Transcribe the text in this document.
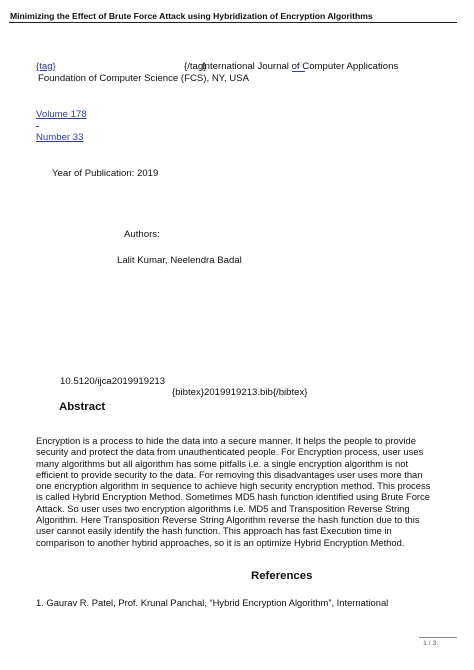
Minimizing the Effect of Brute Force Attack using Hybridization of Encryption Algorithms
{tag}	{/tag}
International Journal of Computer Applications
Foundation of Computer Science (FCS), NY, USA
Volume 178
Number 33
Year of Publication: 2019
Authors:
Lalit Kumar, Neelendra Badal
10.5120/ijca2019919213
{bibtex}2019919213.bib{/bibtex}
Abstract
Encryption is a process to hide the data into a secure manner. It helps the people to provide
security and protect the data from unauthenticated people. For Encryption process, user uses
many algorithms but all algorithm has some pitfalls i.e. a single encryption algorithm is not
efficient to provide security to the data. For removing this disadvantages user uses more than
one encryption algorithm in sequence to achieve high security encryption method. This process
is called Hybrid Encryption Method. Sometimes MD5 hash function identified using Brute Force
Attack. So user uses two encryption algorithms i.e. MD5 and Transposition Reverse String
Algorithm. Here Transposition Reverse String Algorithm reverse the hash function due to this
user cannot easily identify the hash function. This approach has fast Execution time in
comparison to another hybrid approaches, so it is an optimize Hybrid Encryption Method.
References
1. Gaurav R. Patel, Prof. Krunal Panchal, “Hybrid Encryption Algorithm”, International
1 / 3
